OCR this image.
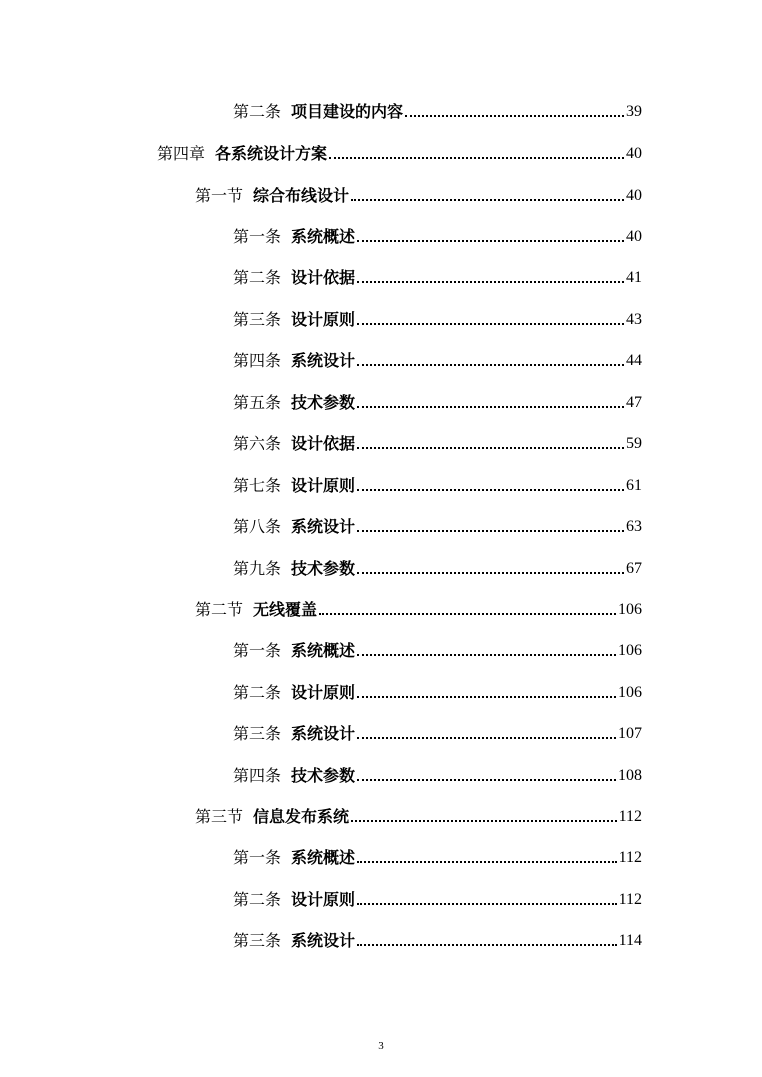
第二条 项目建设的内容	39
第四章 各系统设计方案	40
第一节 综合布线设计	40
第一条 系统概述	40
第二条 设计依据	41
第三条 设计原则	43
第四条 系统设计	44
第五条 技术参数	47
第六条 设计依据	59
第七条 设计原则	61
第八条 系统设计	63
第九条 技术参数	67
第二节 无线覆盖	106
第一条 系统概述	106
第二条 设计原则	106
第三条 系统设计	107
第四条 技术参数	108
第三节 信息发布系统	112
第一条 系统概述	112
第二条 设计原则	112
第三条 系统设计	114
3
